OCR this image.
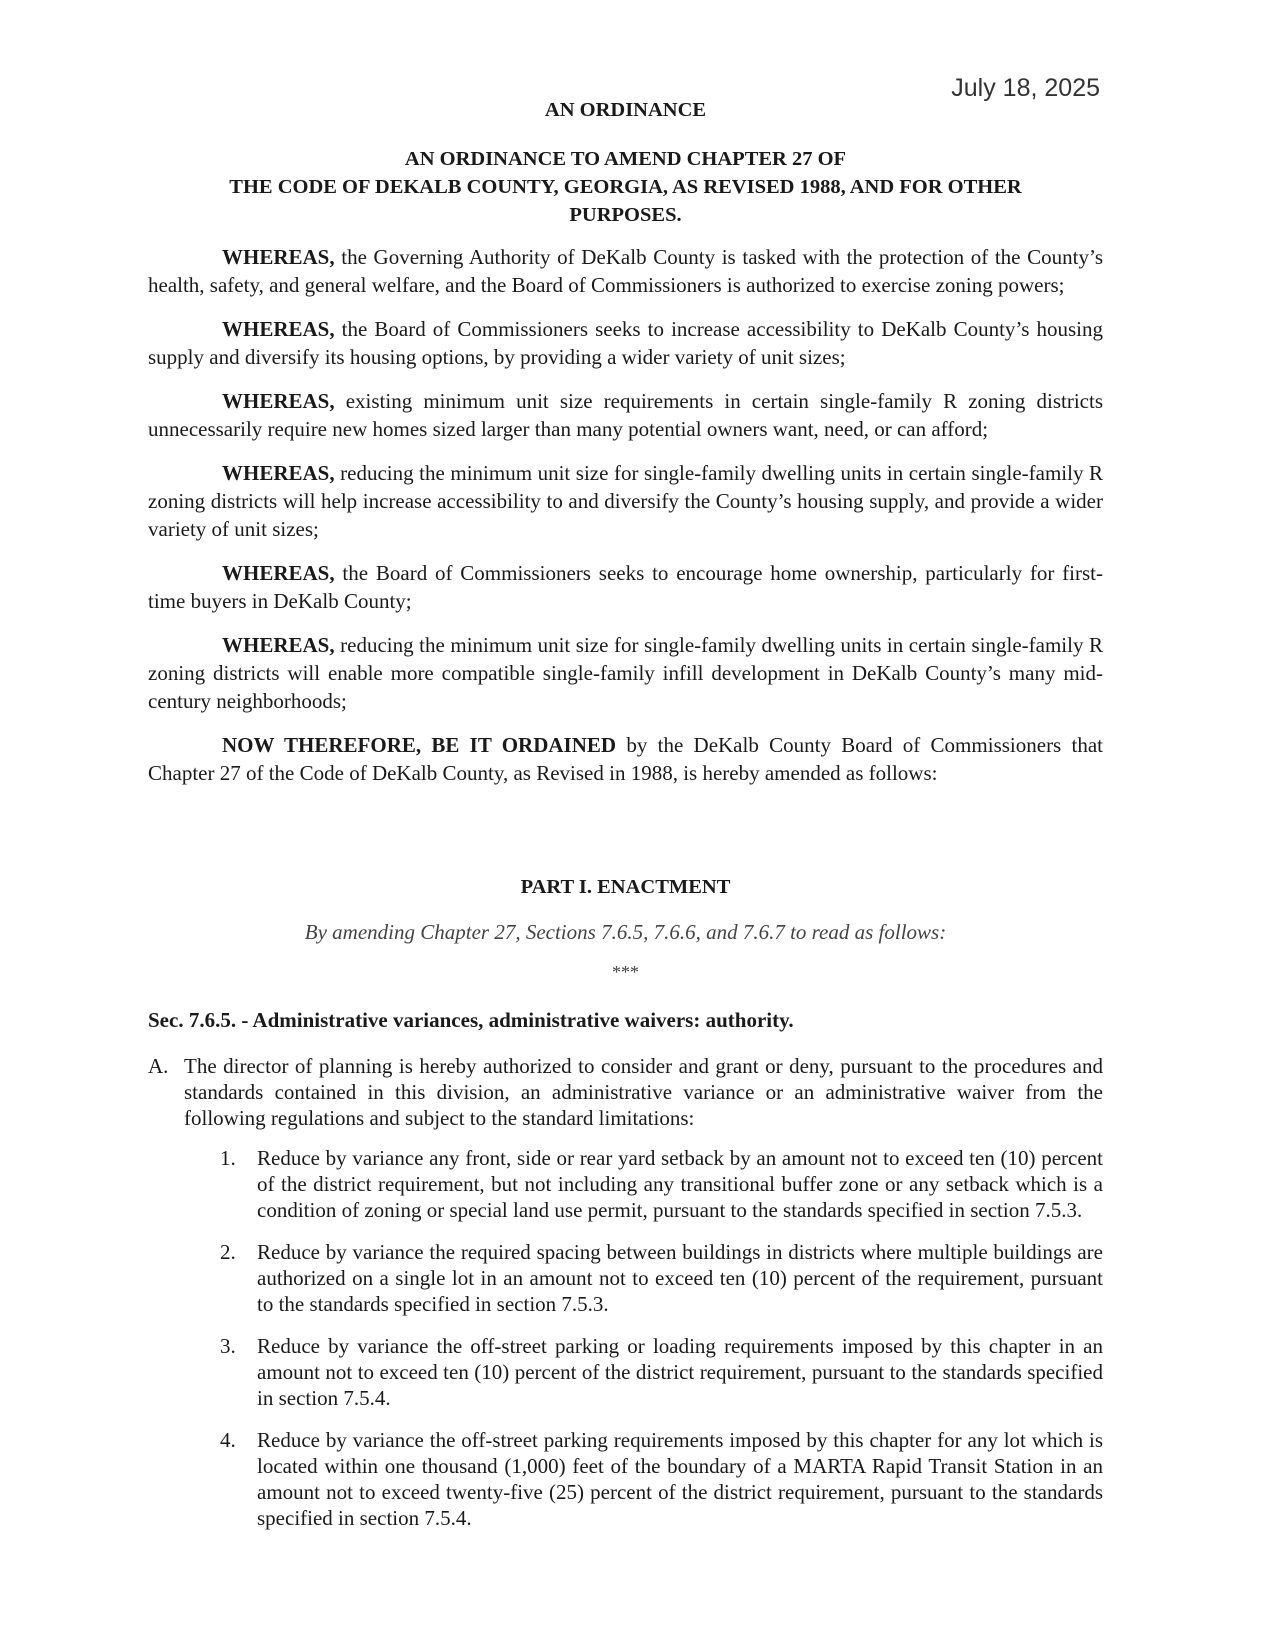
July 18, 2025
AN ORDINANCE
AN ORDINANCE TO AMEND CHAPTER 27 OF
THE CODE OF DEKALB COUNTY, GEORGIA, AS REVISED 1988, AND FOR OTHER
PURPOSES.

WHEREAS, the Governing Authority of DeKalb County is tasked with the protection of the County’s health, safety, and general welfare, and the Board of Commissioners is authorized to exercise zoning powers;

WHEREAS, the Board of Commissioners seeks to increase accessibility to DeKalb County’s housing supply and diversify its housing options, by providing a wider variety of unit sizes;

WHEREAS, existing minimum unit size requirements in certain single-family R zoning districts unnecessarily require new homes sized larger than many potential owners want, need, or can afford;

WHEREAS, reducing the minimum unit size for single-family dwelling units in certain single-family R zoning districts will help increase accessibility to and diversify the County’s housing supply, and provide a wider variety of unit sizes;

WHEREAS, the Board of Commissioners seeks to encourage home ownership, particularly for first-time buyers in DeKalb County;

WHEREAS, reducing the minimum unit size for single-family dwelling units in certain single-family R zoning districts will enable more compatible single-family infill development in DeKalb County’s many mid-century neighborhoods;

NOW THEREFORE, BE IT ORDAINED by the DeKalb County Board of Commissioners that Chapter 27 of the Code of DeKalb County, as Revised in 1988, is hereby amended as follows:

PART I. ENACTMENT
By amending Chapter 27, Sections 7.6.5, 7.6.6, and 7.6.7 to read as follows:
***
Sec. 7.6.5. - Administrative variances, administrative waivers: authority.
A. The director of planning is hereby authorized to consider and grant or deny, pursuant to the procedures and standards contained in this division, an administrative variance or an administrative waiver from the following regulations and subject to the standard limitations:
1. Reduce by variance any front, side or rear yard setback by an amount not to exceed ten (10) percent of the district requirement, but not including any transitional buffer zone or any setback which is a condition of zoning or special land use permit, pursuant to the standards specified in section 7.5.3.
2. Reduce by variance the required spacing between buildings in districts where multiple buildings are authorized on a single lot in an amount not to exceed ten (10) percent of the requirement, pursuant to the standards specified in section 7.5.3.
3. Reduce by variance the off-street parking or loading requirements imposed by this chapter in an amount not to exceed ten (10) percent of the district requirement, pursuant to the standards specified in section 7.5.4.
4. Reduce by variance the off-street parking requirements imposed by this chapter for any lot which is located within one thousand (1,000) feet of the boundary of a MARTA Rapid Transit Station in an amount not to exceed twenty-five (25) percent of the district requirement, pursuant to the standards specified in section 7.5.4.
